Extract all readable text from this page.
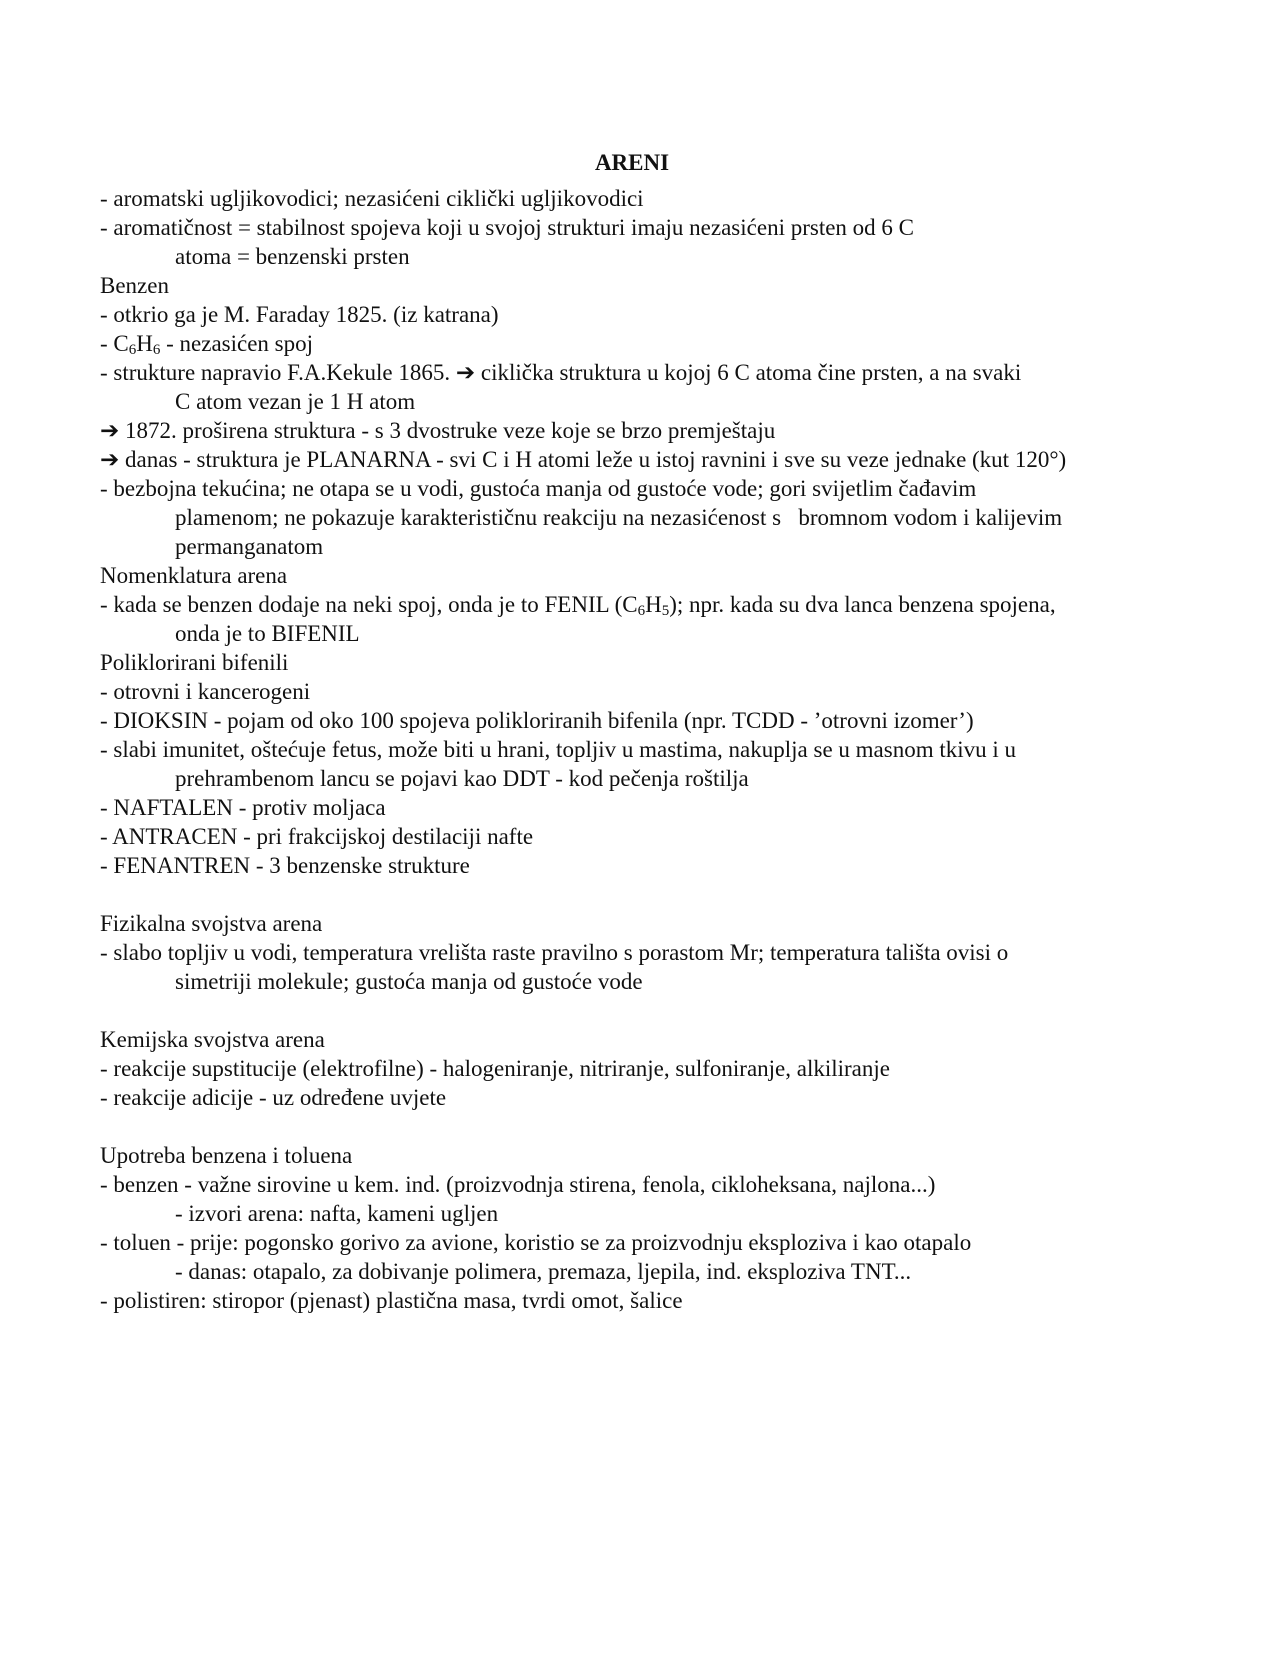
ARENI
- aromatski ugljikovodici; nezasićeni ciklički ugljikovodici
- aromatičnost = stabilnost spojeva koji u svojoj strukturi imaju nezasićeni prsten od 6 C
atoma = benzenski prsten
Benzen
- otkrio ga je M. Faraday 1825. (iz katrana)
- $C_6H_6$ - nezasićen spoj
- strukture napravio F.A.Kekule 1865. ➔ ciklička struktura u kojoj 6 C atoma čine prsten, a na svaki
C atom vezan je 1 H atom
➔ 1872. proširena struktura - s 3 dvostruke veze koje se brzo premještaju
➔ danas - struktura je PLANARNA - svi C i H atomi leže u istoj ravnini i sve su veze jednake (kut 120°)
- bezbojna tekućina; ne otapa se u vodi, gustoća manja od gustoće vode; gori svijetlim čađavim
plamenom; ne pokazuje karakterističnu reakciju na nezasićenost s   bromnom vodom i kalijevim
permanganatom
Nomenklatura arena
- kada se benzen dodaje na neki spoj, onda je to FENIL $(C_6H_5)$; npr. kada su dva lanca benzena spojena,
onda je to BIFENIL
Poliklorirani bifenili
- otrovni i kancerogeni
- DIOKSIN - pojam od oko 100 spojeva polikloriranih bifenila (npr. TCDD - ’otrovni izomer’)
- slabi imunitet, oštećuje fetus, može biti u hrani, topljiv u mastima, nakuplja se u masnom tkivu i u
prehrambenom lancu se pojavi kao DDT - kod pečenja roštilja
- NAFTALEN - protiv moljaca
- ANTRACEN - pri frakcijskoj destilaciji nafte
- FENANTREN - 3 benzenske strukture
Fizikalna svojstva arena
- slabo topljiv u vodi, temperatura vrelišta raste pravilno s porastom Mr; temperatura tališta ovisi o
simetriji molekule; gustoća manja od gustoće vode
Kemijska svojstva arena
- reakcije supstitucije (elektrofilne) - halogeniranje, nitriranje, sulfoniranje, alkiliranje
- reakcije adicije - uz određene uvjete
Upotreba benzena i toluena
- benzen - važne sirovine u kem. ind. (proizvodnja stirena, fenola, cikloheksana, najlona...)
- izvori arena: nafta, kameni ugljen
- toluen - prije: pogonsko gorivo za avione, koristio se za proizvodnju eksploziva i kao otapalo
- danas: otapalo, za dobivanje polimera, premaza, ljepila, ind. eksploziva TNT...
- polistiren: stiropor (pjenast) plastična masa, tvrdi omot, šalice
